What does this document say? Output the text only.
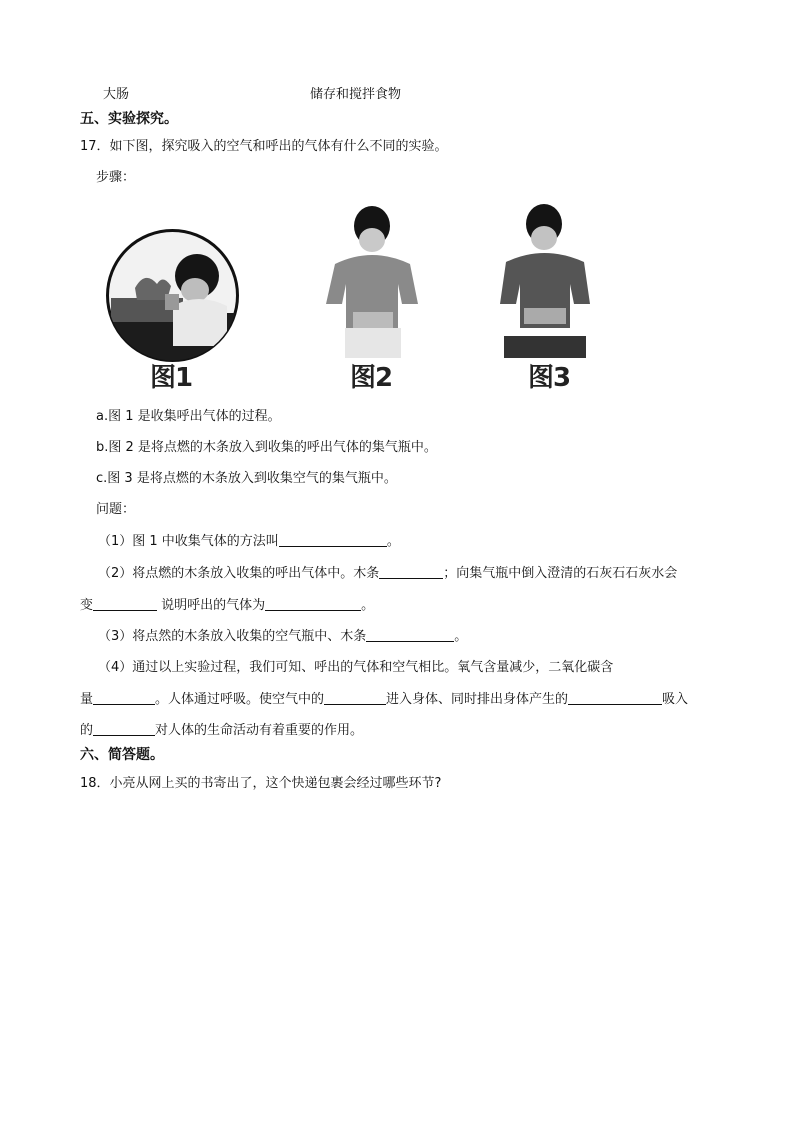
大肠	储存和搅拌食物
五、实验探究。
17．如下图，探究吸入的空气和呼出的气体有什么不同的实验。
步骤：
图1	图2	图3
a.图 1 是收集呼出气体的过程。
b.图 2 是将点燃的木条放入到收集的呼出气体的集气瓶中。
c.图 3 是将点燃的木条放入到收集空气的集气瓶中。
问题：
（1）图 1 中收集气体的方法叫	。
（2）将点燃的木条放入收集的呼出气体中。木条	；向集气瓶中倒入澄清的石灰石石灰水会
变	说明呼出的气体为	。
（3）将点然的木条放入收集的空气瓶中、木条	。
（4）通过以上实验过程，我们可知、呼出的气体和空气相比。氧气含量减少，二氧化碳含
量	。人体通过呼吸。使空气中的	进入身体、同时排出身体产生的	吸入
的	对人体的生命活动有着重要的作用。
六、简答题。
18．小亮从网上买的书寄出了，这个快递包裹会经过哪些环节?
